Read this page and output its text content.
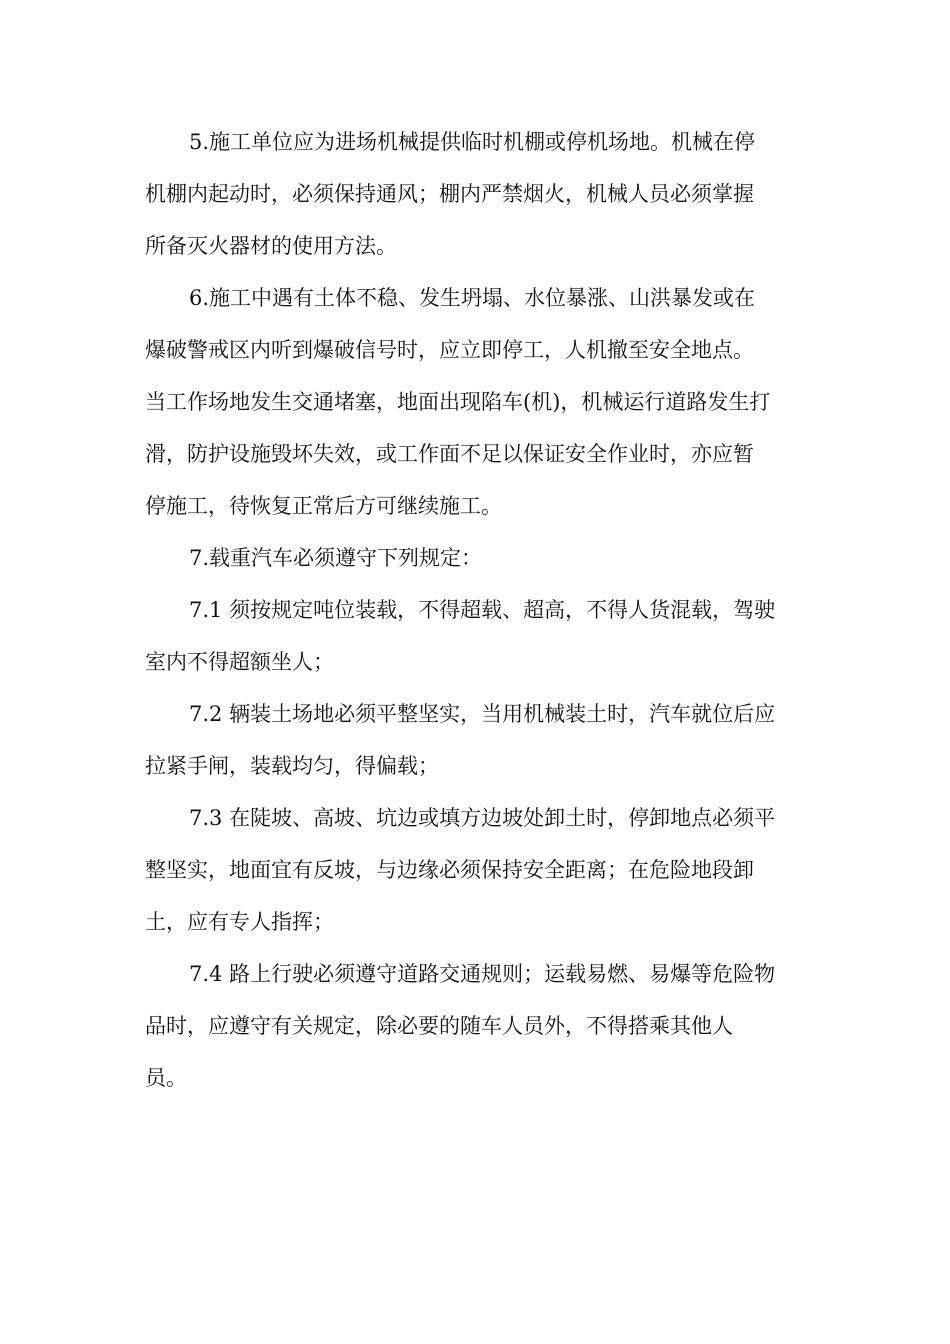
5.施工单位应为进场机械提供临时机棚或停机场地。机械在停
机棚内起动时，必须保持通风；棚内严禁烟火，机械人员必须掌握
所备灭火器材的使用方法。
6.施工中遇有土体不稳、发生坍塌、水位暴涨、山洪暴发或在
爆破警戒区内听到爆破信号时，应立即停工，人机撤至安全地点。
当工作场地发生交通堵塞，地面出现陷车(机)，机械运行道路发生打
滑，防护设施毁坏失效，或工作面不足以保证安全作业时，亦应暂
停施工，待恢复正常后方可继续施工。
7.载重汽车必须遵守下列规定：
7.1 须按规定吨位装载，不得超载、超高，不得人货混载，驾驶
室内不得超额坐人；
7.2 辆装土场地必须平整坚实，当用机械装土时，汽车就位后应
拉紧手闸，装载均匀，得偏载；
7.3 在陡坡、高坡、坑边或填方边坡处卸土时，停卸地点必须平
整坚实，地面宜有反坡，与边缘必须保持安全距离；在危险地段卸
土，应有专人指挥；
7.4 路上行驶必须遵守道路交通规则；运载易燃、易爆等危险物
品时，应遵守有关规定，除必要的随车人员外，不得搭乘其他人
员。
